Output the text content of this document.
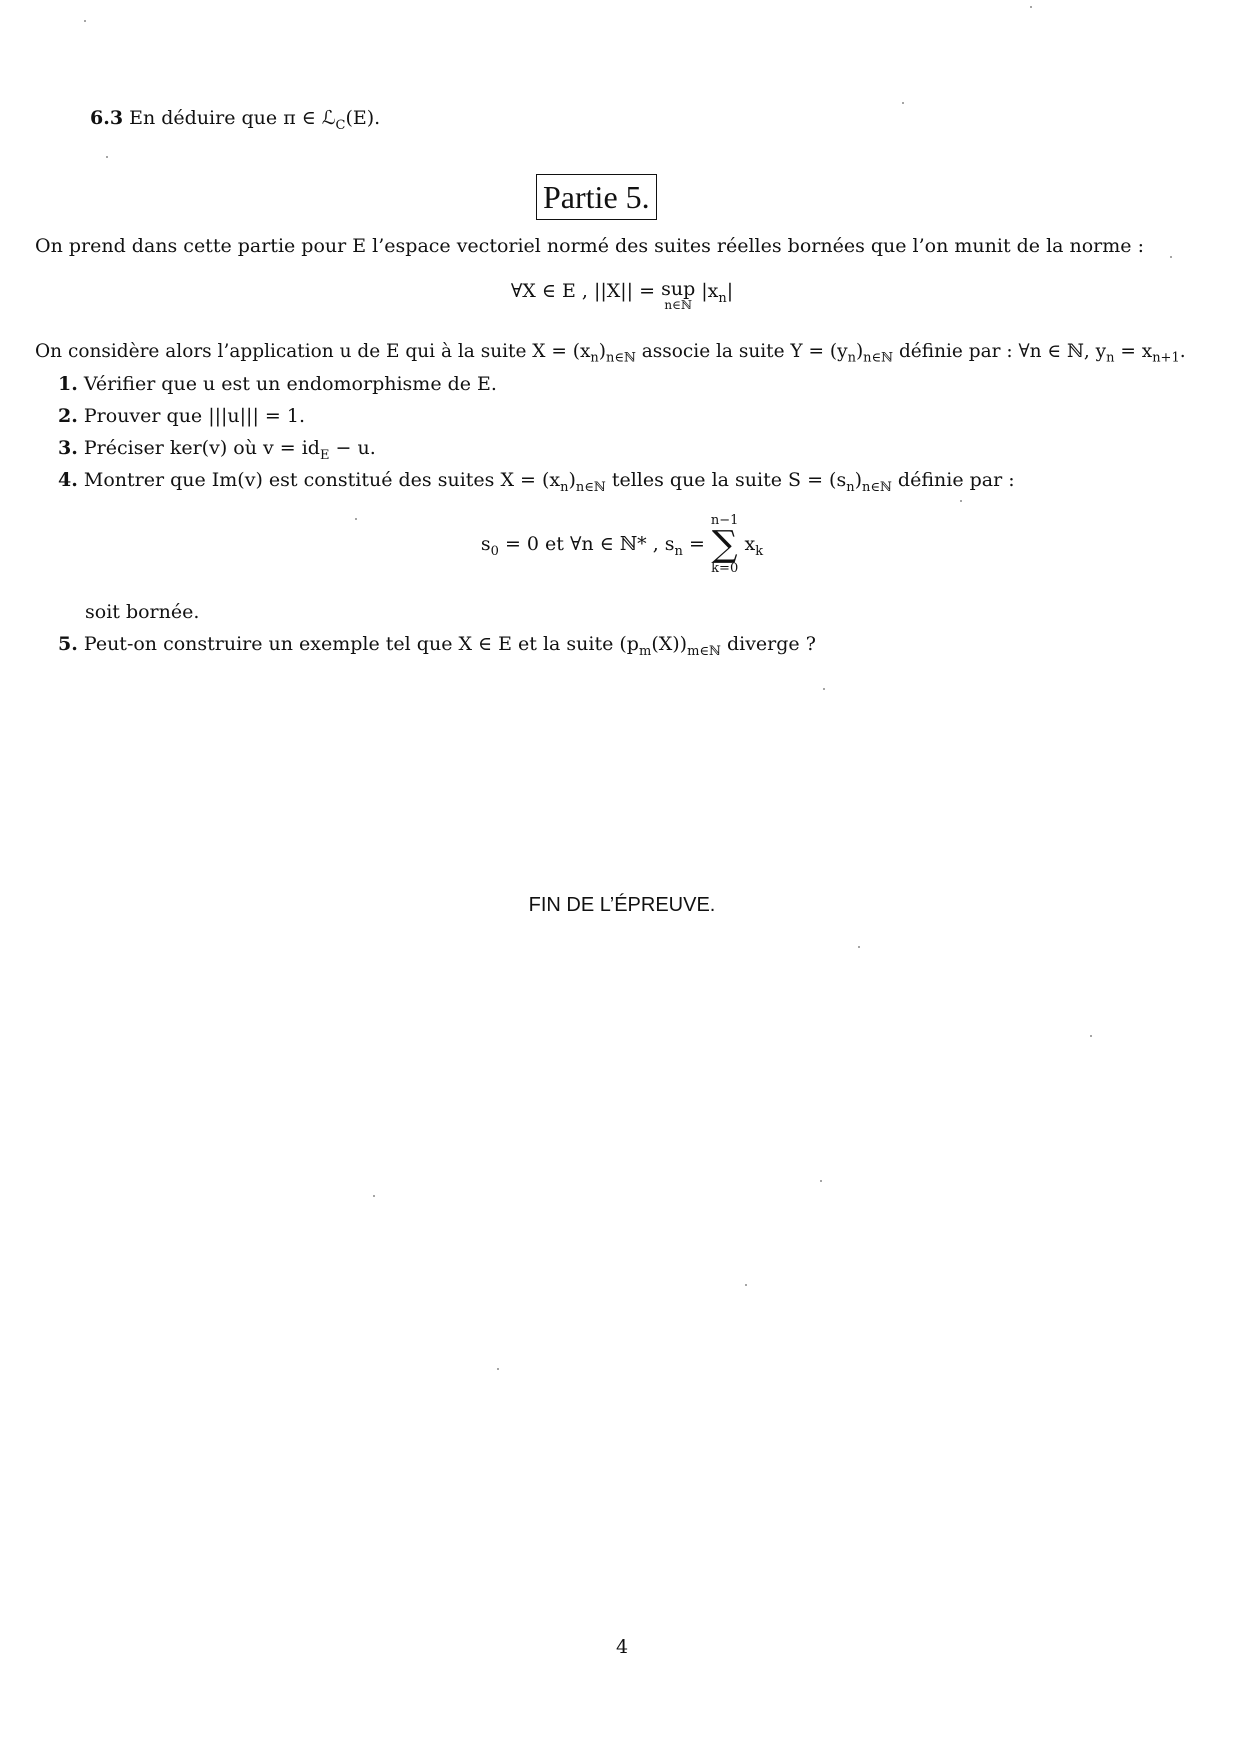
6.3 En déduire que π ∈ ℒ$_C$(E).
Partie 5.
On prend dans cette partie pour E l’espace vectoriel normé des suites réelles bornées que l’on munit de la norme :
∀X ∈ E , ||X|| = sup
n∈ℕ
$|x_n|$
On considère alors l’application u de E qui à la suite $X = (x_n)_{n\in ℕ}$ associe la suite $Y = (y_n)_{n\in ℕ}$ définie par : ∀n ∈ ℕ, $y_n = x_{n+1}$.
1. Vérifier que u est un endomorphisme de E.
2. Prouver que |||u||| = 1.
3. Préciser ker(v) où $v = id_E - u$.
4. Montrer que Im(v) est constitué des suites $X = (x_n)_{n\in ℕ}$ telles que la suite $S = (s_n)_{n\in ℕ}$ définie par :
$s_0 = 0$ et ∀n ∈ ℕ* , $s_n$ =
n−1
∑
k=0
$x_k$
soit bornée.
5. Peut-on construire un exemple tel que X ∈ E et la suite $(p_m(X))_{m\in ℕ}$ diverge ?
FIN DE L’ÉPREUVE.
4
